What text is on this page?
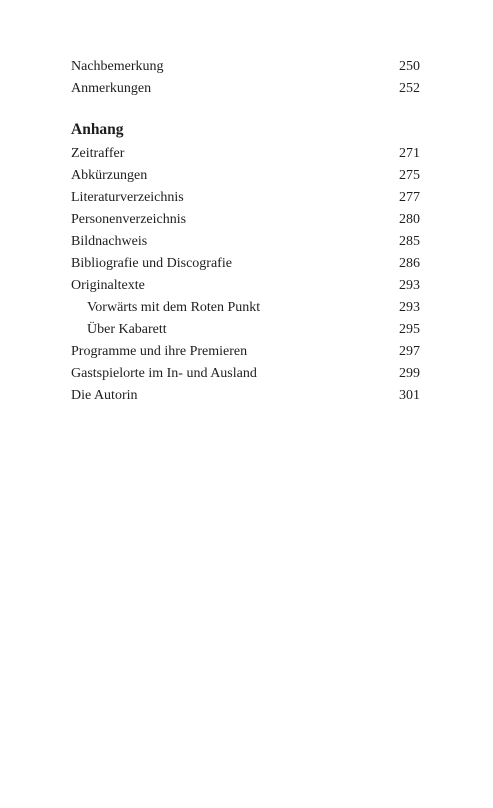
Nachbemerkung	250
Anmerkungen	252
Anhang
Zeitraffer	271
Abkürzungen	275
Literaturverzeichnis	277
Personenverzeichnis	280
Bildnachweis	285
Bibliografie und Discografie	286
Originaltexte	293
Vorwärts mit dem Roten Punkt	293
Über Kabarett	295
Programme und ihre Premieren	297
Gastspielorte im In- und Ausland	299
Die Autorin	301
